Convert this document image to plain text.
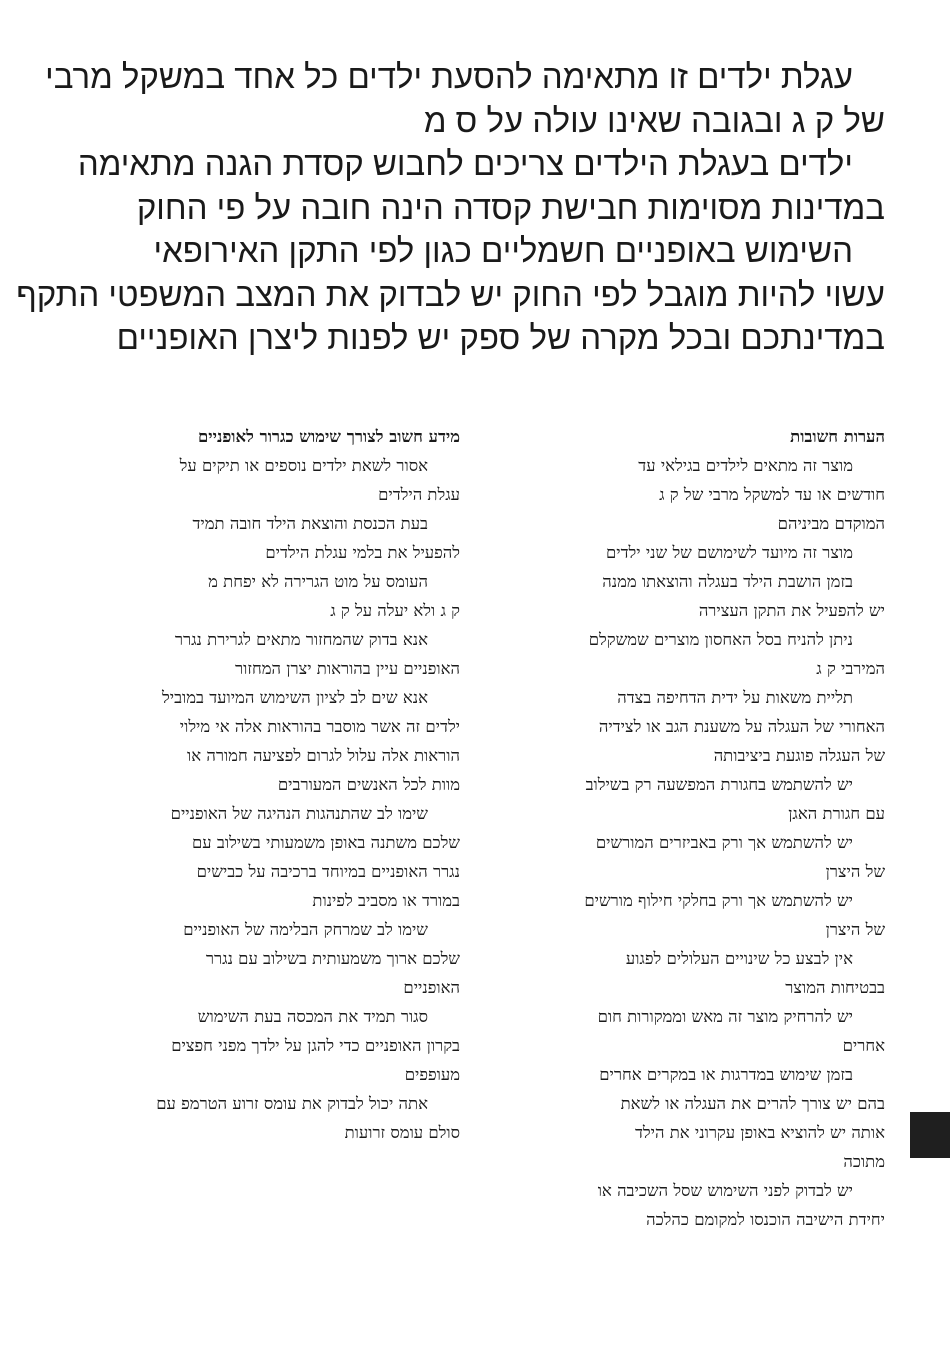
עגלת ילדים זו מתאימה להסעת ילדים כל אחד במשקל מרבי
של ק ג ובגובה שאינו עולה על ס מ
ילדים בעגלת הילדים צריכים לחבוש קסדת הגנה מתאימה
במדינות מסוימות חבישת קסדה הינה חובה על פי החוק
השימוש באופניים חשמליים כגון לפי התקן האירופאי
עשוי להיות מוגבל לפי החוק יש לבדוק את המצב המשפטי התקף
במדינתכם ובכל מקרה של ספק יש לפנות ליצרן האופניים
הערות חשובות
מוצר זה מתאים לילדים בגילאי עד
חודשים או עד למשקל מרבי של ק ג
המוקדם מביניהם
מוצר זה מיועד לשימושם של שני ילדים
בזמן הושבת הילד בעגלה והוצאתו ממנה
יש להפעיל את התקן העצירה
ניתן להניח בסל האחסון מוצרים שמשקלם
המירבי ק ג
תליית משאות על ידית הדחיפה בצדה
האחורי של העגלה על משענת הגב או לצידיה
של העגלה פוגעת ביציבותה
יש להשתמש בחגורת המפשעה רק בשילוב
עם חגורת האגן
יש להשתמש אך ורק באביזרים המורשים
של היצרן
יש להשתמש אך ורק בחלקי חילוף מורשים
של היצרן
אין לבצע כל שינויים העלולים לפגוע
בבטיחות המוצר
יש להרחיק מוצר זה מאש וממקורות חום
אחרים
בזמן שימוש במדרגות או במקרים אחרים
בהם יש צורך להרים את העגלה או לשאת
אותה יש להוציא באופן עקרוני את הילד
מתוכה
יש לבדוק לפני השימוש שסל השכיבה או
יחידת הישיבה הוכנסו למקומם כהלכה
מידע חשוב לצורך שימוש כגרור לאופניים
אסור לשאת ילדים נוספים או תיקים על
עגלת הילדים
בעת הכנסת והוצאת הילד חובה תמיד
להפעיל את בלמי עגלת הילדים
העומס על מוט הגרירה לא יפחת מ
ק ג ולא יעלה על ק ג
אנא בדוק שהמחזור מתאים לגרירת נגרר
האופניים עיין בהוראות יצרן המחזור
אנא שים לב לציון השימוש המיועד במוביל
ילדים זה אשר מוסבר בהוראות אלה אי מילוי
הוראות אלה עלול לגרום לפציעה חמורה או
מוות לכל האנשים המעורבים
שימו לב שהתנהגות הנהיגה של האופניים
שלכם משתנה באופן משמעותי בשילוב עם
נגרר האופניים במיוחד ברכיבה על כבישים
במורד או מסביב לפינות
שימו לב שמרחק הבלימה של האופניים
שלכם ארוך משמעותית בשילוב עם נגרר
האופניים
סגור תמיד את המכסה בעת השימוש
בקרון האופניים כדי להגן על ילדך מפני חפצים
מעופפים
אתה יכול לבדוק את עומס זרוע הטרמפ עם
סולם עומס זרועות
